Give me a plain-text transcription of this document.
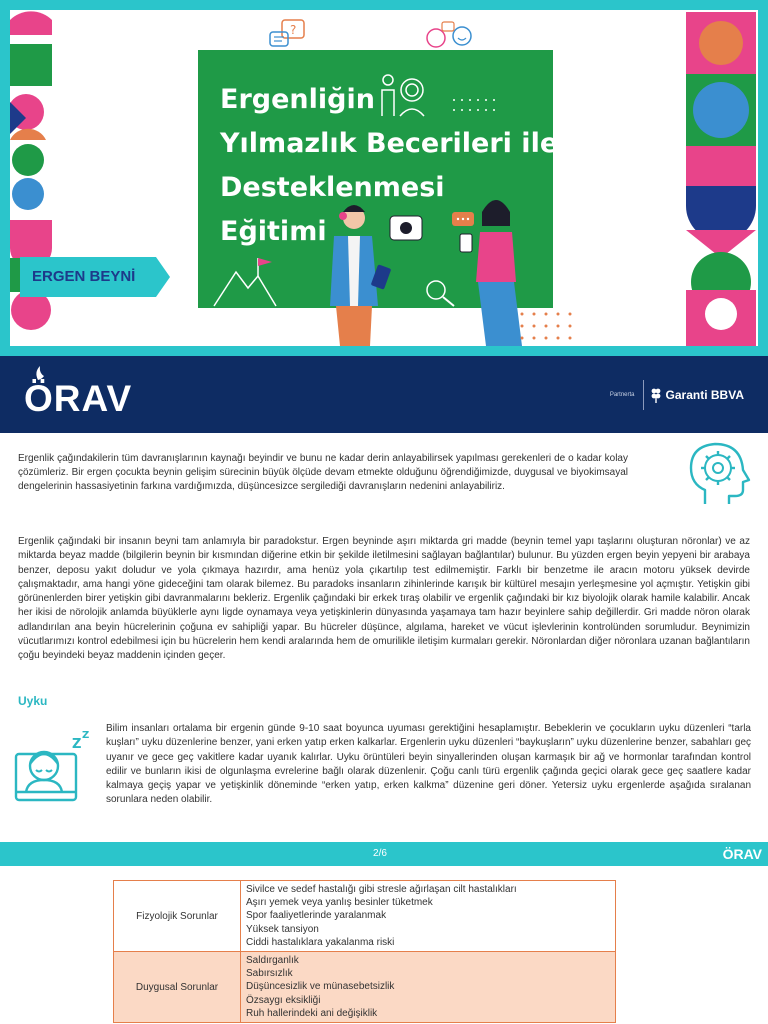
?
Ergenliğin
Yılmazlık Becerileri ile
Desteklenmesi
Eğitimi
ERGEN BEYNİ
ÖRAV	Partnerta	Garanti BBVA

Ergenlik çağındakilerin tüm davranışlarının kaynağı beyindir ve bunu ne kadar derin anlayabilirsek yapılması gerekenleri de o kadar kolay çözümleriz. Bir ergen çocukta beynin gelişim sürecinin büyük ölçüde devam etmekte olduğunu öğrendiğimizde, duygusal ve biyokimsayal dengelerinin hassasiyetinin farkına vardığımızda, düşüncesizce sergilediği davranışların nedenini anlayabiliriz.

Ergenlik çağındaki bir insanın beyni tam anlamıyla bir paradokstur. Ergen beyninde aşırı miktarda gri madde (beynin temel yapı taşlarını oluşturan nöronlar) ve az miktarda beyaz madde (bilgilerin beynin bir kısmından diğerine etkin bir şekilde iletilmesini sağlayan bağlantılar) bulunur. Bu yüzden ergen beyin yepyeni bir arabaya benzer, deposu yakıt doludur ve yola çıkmaya hazırdır, ama henüz yola çıkartılıp test edilmemiştir. Farklı bir benzetme ile aracın motoru yüksek devirde çalışmaktadır, ama hangi yöne gideceğini tam olarak bilemez. Bu paradoks insanların zihinlerinde karışık bir kültürel mesajın yerleşmesine yol açmıştır. Yetişkin gibi görünenlerden birer yetişkin gibi davranmalarını bekleriz. Ergenlik çağındaki bir erkek tıraş olabilir ve ergenlik çağındaki bir kız biyolojik olarak hamile kalabilir. Ancak her ikisi de nörolojik anlamda büyüklerle aynı ligde oynamaya veya yetişkinlerin dünyasında yaşamaya tam hazır beyinlere sahip değillerdir. Gri madde nöron olarak adlandırılan ana beyin hücrelerinin çoğuna ev sahipliği yapar. Bu hücreler düşünce, algılama, hareket ve vücut işlevlerinin kontrolünden sorumludur. Beynimizin vücutlarımızı kontrol edebilmesi için bu hücrelerin hem kendi aralarında hem de omurilikle iletişim kurmaları gerekir. Nöronlardan diğer nöronlara uzanan bağlantıların çoğu beyindeki beyaz maddenin içinden geçer.

Uyku
Z
Z

Bilim insanları ortalama bir ergenin günde 9-10 saat boyunca uyuması gerektiğini hesaplamıştır. Bebeklerin ve çocukların uyku düzenleri “tarla kuşları” uyku düzenlerine benzer, yani erken yatıp erken kalkarlar. Ergenlerin uyku düzenleri “baykuşların” uyku düzenlerine benzer, sabahları geç uyanır ve gece geç vakitlere kadar uyanık kalırlar. Uyku örüntüleri beyin sinyallerinden oluşan karmaşık bir ağ ve hormonlar tarafından kontrol edilir ve bunların ikisi de olgunlaşma evrelerine bağlı olarak düzenlenir. Çoğu canlı türü ergenlik çağında geçici olarak gece geç saatlere kadar kalmaya geçiş yapar ve yetişkinlik döneminde “erken yatıp, erken kalkma” düzenine geri döner. Yetersiz uyku ergenlerde aşağıda sıralanan sorunlara neden olabilir.

2/6	ÖRAV
Fizyolojik Sorunlar	Sivilce ve sedef hastalığı gibi stresle ağırlaşan cilt hastalıkları
Aşırı yemek veya yanlış besinler tüketmek
Spor faaliyetlerinde yaralanmak
Yüksek tansiyon
Ciddi hastalıklara yakalanma riski

Duygusal Sorunlar	Saldırganlık
Sabırsızlık
Düşüncesizlik ve münasebetsizlik
Özsaygı eksikliği
Ruh hallerindeki ani değişiklik
